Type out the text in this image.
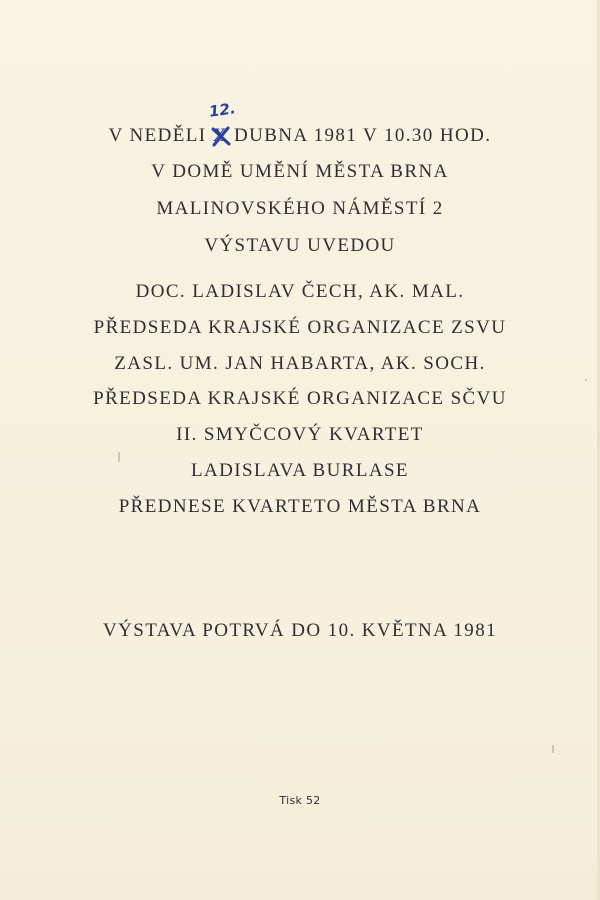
V NEDĚLI
12.
X
DUBNA 1981 V 10.30 HOD.
V DOMĚ UMĚNÍ MĚSTA BRNA
MALINOVSKÉHO NÁMĚSTÍ 2
VÝSTAVU UVEDOU
DOC. LADISLAV ČECH, AK. MAL.
PŘEDSEDA KRAJSKÉ ORGANIZACE ZSVU
ZASL. UM. JAN HABARTA, AK. SOCH.
PŘEDSEDA KRAJSKÉ ORGANIZACE SČVU
II. SMYČCOVÝ KVARTET
LADISLAVA BURLASE
PŘEDNESE KVARTETO MĚSTA BRNA
VÝSTAVA POTRVÁ DO 10. KVĚTNA 1981
Tisk 52
